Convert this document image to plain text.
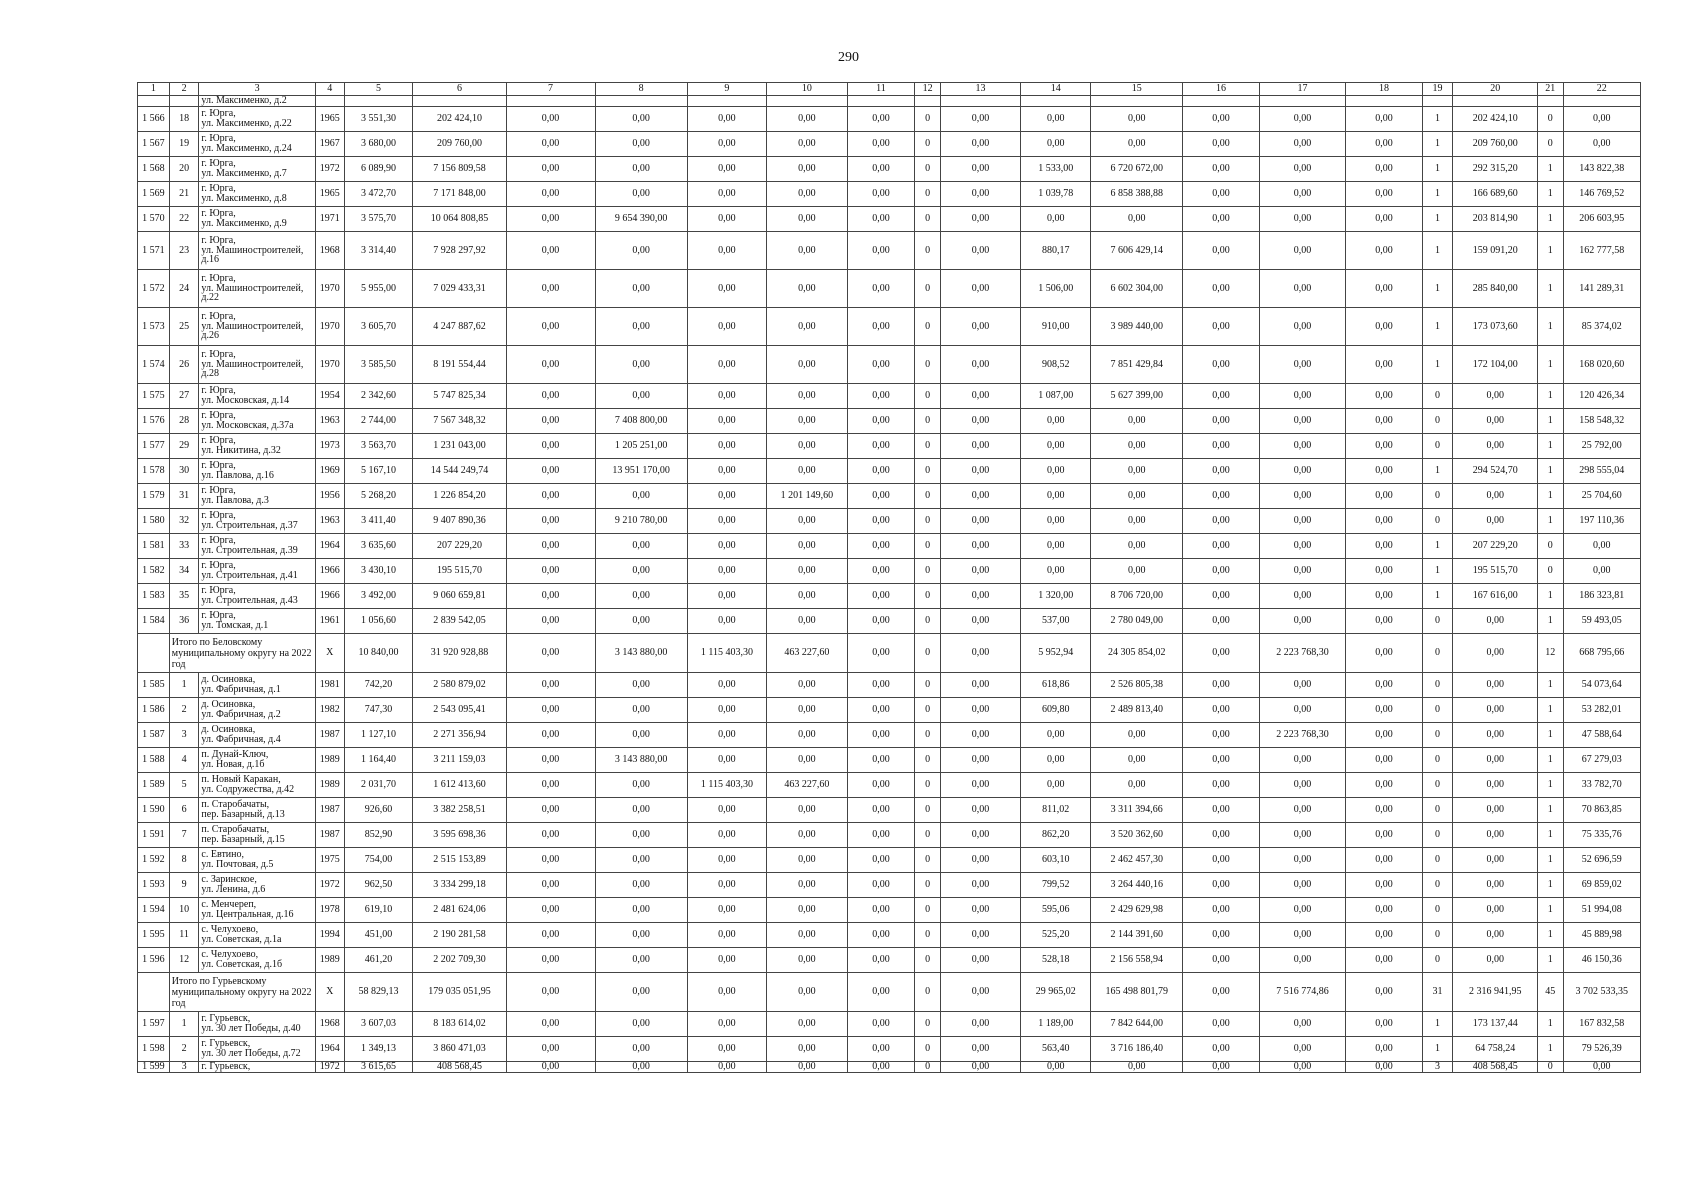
290
1	2	3	4	5	6	7	8	9	10	11	12	13	14	15	16	17	18	19	20	21	22
		ул. Максименко, д.2																			
1 566	18	г. Юрга,
ул. Максименко, д.22	1965	3 551,30	202 424,10	0,00	0,00	0,00	0,00	0,00	0	0,00	0,00	0,00	0,00	0,00	0,00	1	202 424,10	0	0,00
1 567	19	г. Юрга,
ул. Максименко, д.24	1967	3 680,00	209 760,00	0,00	0,00	0,00	0,00	0,00	0	0,00	0,00	0,00	0,00	0,00	0,00	1	209 760,00	0	0,00
1 568	20	г. Юрга,
ул. Максименко, д.7	1972	6 089,90	7 156 809,58	0,00	0,00	0,00	0,00	0,00	0	0,00	1 533,00	6 720 672,00	0,00	0,00	0,00	1	292 315,20	1	143 822,38
1 569	21	г. Юрга,
ул. Максименко, д.8	1965	3 472,70	7 171 848,00	0,00	0,00	0,00	0,00	0,00	0	0,00	1 039,78	6 858 388,88	0,00	0,00	0,00	1	166 689,60	1	146 769,52
1 570	22	г. Юрга,
ул. Максименко, д.9	1971	3 575,70	10 064 808,85	0,00	9 654 390,00	0,00	0,00	0,00	0	0,00	0,00	0,00	0,00	0,00	0,00	1	203 814,90	1	206 603,95
1 571	23	г. Юрга,
ул. Машиностроителей, д.16	1968	3 314,40	7 928 297,92	0,00	0,00	0,00	0,00	0,00	0	0,00	880,17	7 606 429,14	0,00	0,00	0,00	1	159 091,20	1	162 777,58
1 572	24	г. Юрга,
ул. Машиностроителей, д.22	1970	5 955,00	7 029 433,31	0,00	0,00	0,00	0,00	0,00	0	0,00	1 506,00	6 602 304,00	0,00	0,00	0,00	1	285 840,00	1	141 289,31
1 573	25	г. Юрга,
ул. Машиностроителей, д.26	1970	3 605,70	4 247 887,62	0,00	0,00	0,00	0,00	0,00	0	0,00	910,00	3 989 440,00	0,00	0,00	0,00	1	173 073,60	1	85 374,02
1 574	26	г. Юрга,
ул. Машиностроителей, д.28	1970	3 585,50	8 191 554,44	0,00	0,00	0,00	0,00	0,00	0	0,00	908,52	7 851 429,84	0,00	0,00	0,00	1	172 104,00	1	168 020,60
1 575	27	г. Юрга,
ул. Московская, д.14	1954	2 342,60	5 747 825,34	0,00	0,00	0,00	0,00	0,00	0	0,00	1 087,00	5 627 399,00	0,00	0,00	0,00	0	0,00	1	120 426,34
1 576	28	г. Юрга,
ул. Московская, д.37а	1963	2 744,00	7 567 348,32	0,00	7 408 800,00	0,00	0,00	0,00	0	0,00	0,00	0,00	0,00	0,00	0,00	0	0,00	1	158 548,32
1 577	29	г. Юрга,
ул. Никитина, д.32	1973	3 563,70	1 231 043,00	0,00	1 205 251,00	0,00	0,00	0,00	0	0,00	0,00	0,00	0,00	0,00	0,00	0	0,00	1	25 792,00
1 578	30	г. Юрга,
ул. Павлова, д.16	1969	5 167,10	14 544 249,74	0,00	13 951 170,00	0,00	0,00	0,00	0	0,00	0,00	0,00	0,00	0,00	0,00	1	294 524,70	1	298 555,04
1 579	31	г. Юрга,
ул. Павлова, д.3	1956	5 268,20	1 226 854,20	0,00	0,00	0,00	1 201 149,60	0,00	0	0,00	0,00	0,00	0,00	0,00	0,00	0	0,00	1	25 704,60
1 580	32	г. Юрга,
ул. Строительная, д.37	1963	3 411,40	9 407 890,36	0,00	9 210 780,00	0,00	0,00	0,00	0	0,00	0,00	0,00	0,00	0,00	0,00	0	0,00	1	197 110,36
1 581	33	г. Юрга,
ул. Строительная, д.39	1964	3 635,60	207 229,20	0,00	0,00	0,00	0,00	0,00	0	0,00	0,00	0,00	0,00	0,00	0,00	1	207 229,20	0	0,00
1 582	34	г. Юрга,
ул. Строительная, д.41	1966	3 430,10	195 515,70	0,00	0,00	0,00	0,00	0,00	0	0,00	0,00	0,00	0,00	0,00	0,00	1	195 515,70	0	0,00
1 583	35	г. Юрга,
ул. Строительная, д.43	1966	3 492,00	9 060 659,81	0,00	0,00	0,00	0,00	0,00	0	0,00	1 320,00	8 706 720,00	0,00	0,00	0,00	1	167 616,00	1	186 323,81
1 584	36	г. Юрга,
ул. Томская, д.1	1961	1 056,60	2 839 542,05	0,00	0,00	0,00	0,00	0,00	0	0,00	537,00	2 780 049,00	0,00	0,00	0,00	0	0,00	1	59 493,05
	Итого по Беловскому муниципальному округу на 2022 год		X	10 840,00	31 920 928,88	0,00	3 143 880,00	1 115 403,30	463 227,60	0,00	0	0,00	5 952,94	24 305 854,02	0,00	2 223 768,30	0,00	0	0,00	12	668 795,66
1 585	1	д. Осиновка,
ул. Фабричная, д.1	1981	742,20	2 580 879,02	0,00	0,00	0,00	0,00	0,00	0	0,00	618,86	2 526 805,38	0,00	0,00	0,00	0	0,00	1	54 073,64
1 586	2	д. Осиновка,
ул. Фабричная, д.2	1982	747,30	2 543 095,41	0,00	0,00	0,00	0,00	0,00	0	0,00	609,80	2 489 813,40	0,00	0,00	0,00	0	0,00	1	53 282,01
1 587	3	д. Осиновка,
ул. Фабричная, д.4	1987	1 127,10	2 271 356,94	0,00	0,00	0,00	0,00	0,00	0	0,00	0,00	0,00	0,00	2 223 768,30	0,00	0	0,00	1	47 588,64
1 588	4	п. Дунай-Ключ,
ул. Новая, д.1б	1989	1 164,40	3 211 159,03	0,00	3 143 880,00	0,00	0,00	0,00	0	0,00	0,00	0,00	0,00	0,00	0,00	0	0,00	1	67 279,03
1 589	5	п. Новый Каракан,
ул. Содружества, д.42	1989	2 031,70	1 612 413,60	0,00	0,00	1 115 403,30	463 227,60	0,00	0	0,00	0,00	0,00	0,00	0,00	0,00	0	0,00	1	33 782,70
1 590	6	п. Старобачаты,
пер. Базарный, д.13	1987	926,60	3 382 258,51	0,00	0,00	0,00	0,00	0,00	0	0,00	811,02	3 311 394,66	0,00	0,00	0,00	0	0,00	1	70 863,85
1 591	7	п. Старобачаты,
пер. Базарный, д.15	1987	852,90	3 595 698,36	0,00	0,00	0,00	0,00	0,00	0	0,00	862,20	3 520 362,60	0,00	0,00	0,00	0	0,00	1	75 335,76
1 592	8	с. Евтино,
ул. Почтовая, д.5	1975	754,00	2 515 153,89	0,00	0,00	0,00	0,00	0,00	0	0,00	603,10	2 462 457,30	0,00	0,00	0,00	0	0,00	1	52 696,59
1 593	9	с. Заринское,
ул. Ленина, д.6	1972	962,50	3 334 299,18	0,00	0,00	0,00	0,00	0,00	0	0,00	799,52	3 264 440,16	0,00	0,00	0,00	0	0,00	1	69 859,02
1 594	10	с. Менчереп,
ул. Центральная, д.16	1978	619,10	2 481 624,06	0,00	0,00	0,00	0,00	0,00	0	0,00	595,06	2 429 629,98	0,00	0,00	0,00	0	0,00	1	51 994,08
1 595	11	с. Челухоево,
ул. Советская, д.1а	1994	451,00	2 190 281,58	0,00	0,00	0,00	0,00	0,00	0	0,00	525,20	2 144 391,60	0,00	0,00	0,00	0	0,00	1	45 889,98
1 596	12	с. Челухоево,
ул. Советская, д.1б	1989	461,20	2 202 709,30	0,00	0,00	0,00	0,00	0,00	0	0,00	528,18	2 156 558,94	0,00	0,00	0,00	0	0,00	1	46 150,36
	Итого по Гурьевскому муниципальному округу на 2022 год		X	58 829,13	179 035 051,95	0,00	0,00	0,00	0,00	0,00	0	0,00	29 965,02	165 498 801,79	0,00	7 516 774,86	0,00	31	2 316 941,95	45	3 702 533,35
1 597	1	г. Гурьевск,
ул. 30 лет Победы, д.40	1968	3 607,03	8 183 614,02	0,00	0,00	0,00	0,00	0,00	0	0,00	1 189,00	7 842 644,00	0,00	0,00	0,00	1	173 137,44	1	167 832,58
1 598	2	г. Гурьевск,
ул. 30 лет Победы, д.72	1964	1 349,13	3 860 471,03	0,00	0,00	0,00	0,00	0,00	0	0,00	563,40	3 716 186,40	0,00	0,00	0,00	1	64 758,24	1	79 526,39
1 599	3	г. Гурьевск,	1972	3 615,65	408 568,45	0,00	0,00	0,00	0,00	0,00	0	0,00	0,00	0,00	0,00	0,00	0,00	3	408 568,45	0	0,00
